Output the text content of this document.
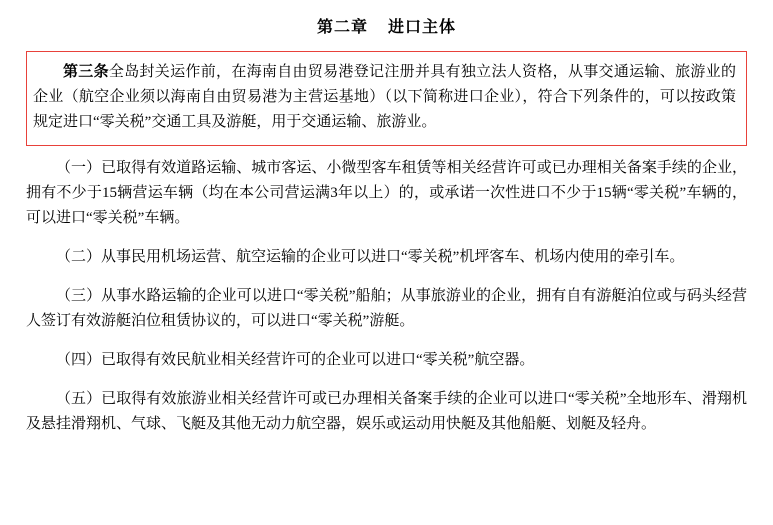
第二章    进口主体

第三条全岛封关运作前，在海南自由贸易港登记注册并具有独立法人资格，从事交通运输、旅游业的企业（航空企业须以海南自由贸易港为主营运基地）（以下简称进口企业），符合下列条件的，可以按政策规定进口“零关税”交通工具及游艇，用于交通运输、旅游业。

（一）已取得有效道路运输、城市客运、小微型客车租赁等相关经营许可或已办理相关备案手续的企业，拥有不少于15辆营运车辆（均在本公司营运满3年以上）的，或承诺一次性进口不少于15辆“零关税”车辆的，可以进口“零关税”车辆。

（二）从事民用机场运营、航空运输的企业可以进口“零关税”机坪客车、机场内使用的牵引车。

（三）从事水路运输的企业可以进口“零关税”船舶；从事旅游业的企业，拥有自有游艇泊位或与码头经营人签订有效游艇泊位租赁协议的，可以进口“零关税”游艇。

（四）已取得有效民航业相关经营许可的企业可以进口“零关税”航空器。

（五）已取得有效旅游业相关经营许可或已办理相关备案手续的企业可以进口“零关税”全地形车、滑翔机及悬挂滑翔机、气球、飞艇及其他无动力航空器，娱乐或运动用快艇及其他船艇、划艇及轻舟。
